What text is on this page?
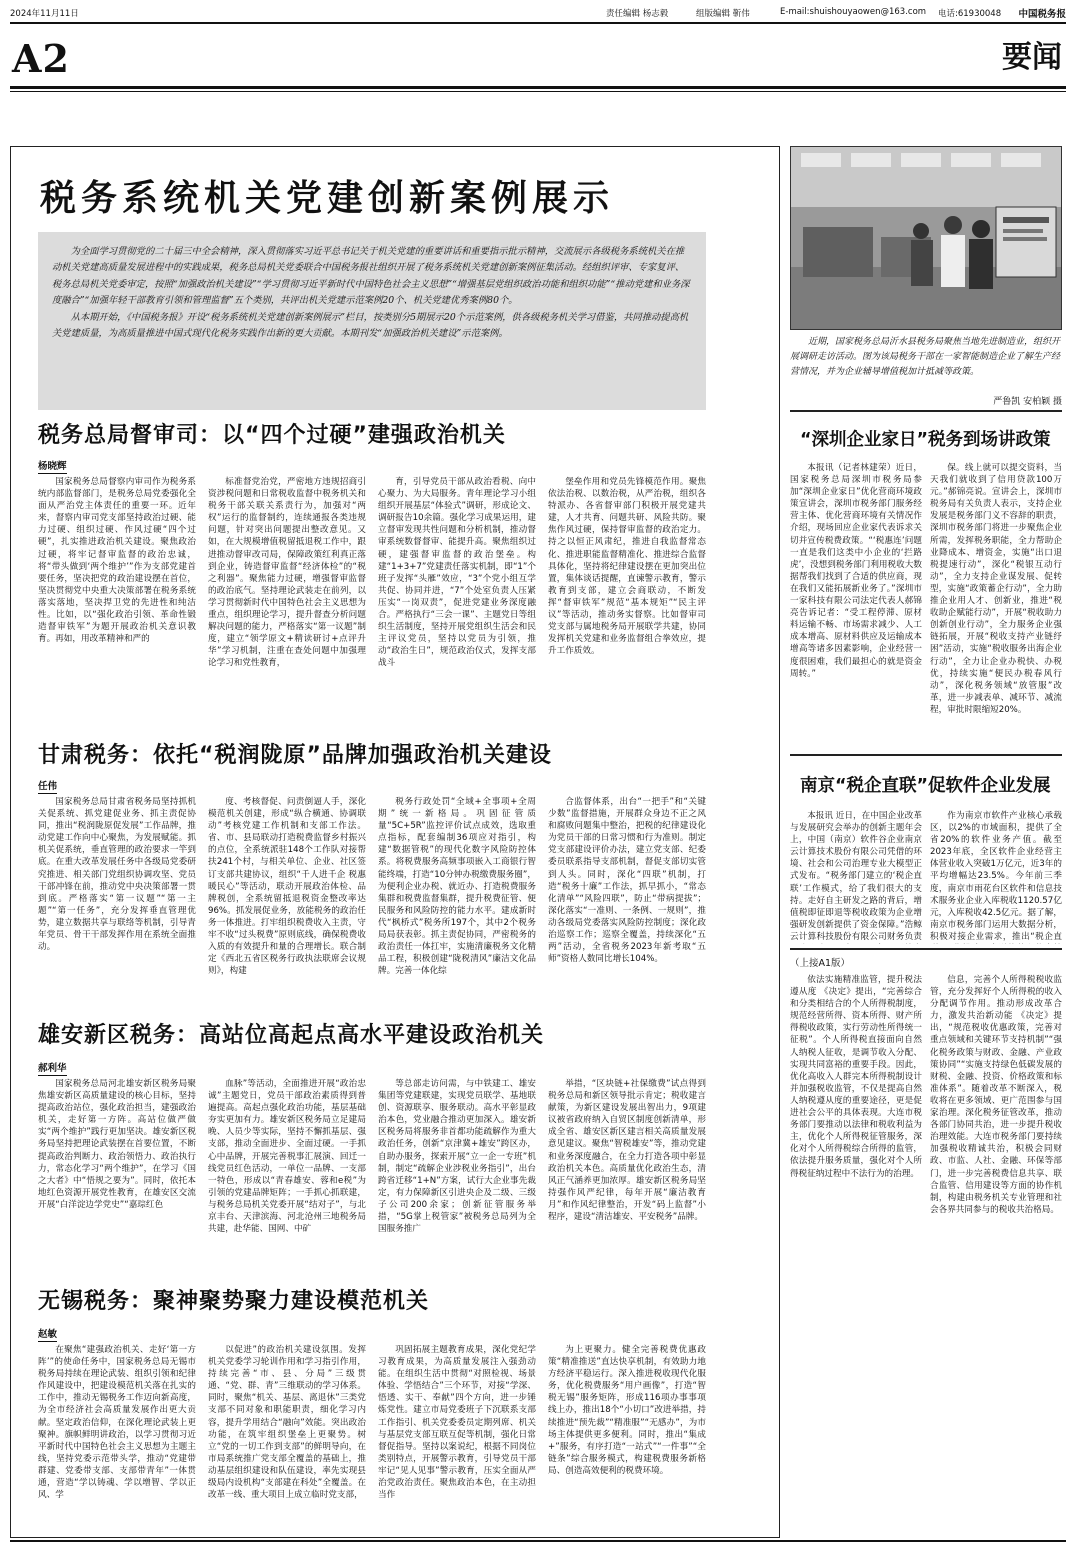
2024年11月11日	责任编辑 杨志毅	组版编辑 靳伟	E-mail:shuishouyaowen@163.com 电话:61930048 中国税务报
A2	要闻
税务系统机关党建创新案例展示

为全面学习贯彻党的二十届三中全会精神，深入贯彻落实习近平总书记关于机关党建的重要讲话和重要指示批示精神，交流展示各级税务系统机关在推动机关党建高质量发展进程中的实践成果，税务总局机关党委联合中国税务报社组织开展了税务系统机关党建创新案例征集活动。经组织评审、专家复评、税务总局机关党委审定，按照“加强政治机关建设”“学习贯彻习近平新时代中国特色社会主义思想”“增强基层党组织政治功能和组织功能”“推动党建和业务深度融合”“加强年轻干部教育引领和管理监督”五个类别，共评出机关党建示范案例20个、机关党建优秀案例80个。

从本期开始，《中国税务报》开设“税务系统机关党建创新案例展示”栏目，按类别分5期展示20个示范案例，供各级税务机关学习借鉴，共同推动提高机关党建质量，为高质量推进中国式现代化税务实践作出新的更大贡献。本期刊发“加强政治机关建设”示范案例。

税务总局督审司：以“四个过硬”建强政治机关
杨晓辉

国家税务总局督察内审司作为税务系统内部监督部门，是税务总局党委强化全面从严治党主体责任的重要一环。近年来，督察内审司党支部坚持政治过硬、能力过硬、组织过硬、作风过硬“四个过硬”，扎实推进政治机关建设。聚焦政治过硬，将牢记督审监督的政治忠诚，将“带头做到‘两个维护’”作为支部党建首要任务，坚决把党的政治建设摆在首位，坚决贯彻党中央重大决策部署在税务系统落实落地，坚决捍卫党的先进性和纯洁性。比如，以“强化政治引领、革命性锻造督审铁军”为题开展政治机关意识教育。再如，用改革精神和严的

标准督党治党，严密地方违规招商引资涉税问题和日常税收监督中税务机关和税务干部关联关系责行为，加强对“两权”运行的监督制约，连续通报各类违规问题，针对突出问题提出整改意见。又如，在大规模增值税留抵退税工作中，跟进推动督审改司局，保障政策红利真正落到企业，铸造督审监督“经济体检”的“税之利器”。聚焦能力过硬，增强督审监督的政治底气。坚持理论武装走在前列，以学习贯彻新时代中国特色社会主义思想为重点，组织理论学习，提升督查分析问题解决问题的能力，严格落实“第一议题”制度，建立“领学原文+精读研讨+点评升华”学习机制，注重在查处问题中加强理论学习和党性教育，

育，引导党员干部从政治看税、向中心聚力、为大局服务。青年理论学习小组组织开展基层“体验式”调研，形成论文、调研报告10余篇。强化学习成果运用，建立督审发现共性问题和分析机制，推动督审系统数督督审、能提升高。聚焦组织过硬，建强督审监督的政治堡垒。构建“1+3+7”党建责任落实机制，即“1”个班子发挥“头雁”效应，“3”个党小组互学共促、协同并进，“7”个处室负责人压紧压实“一岗双责”，促进党建业务深度融合。严格执行“三会一课”、主题党日等组织生活制度，坚持开展党组织生活会和民主评议党员，坚持以党员为引领，推动“政治生日”，规范政治仪式，发挥支部战斗

堡垒作用和党员先锋模范作用。聚焦依法治税、以数治税，从严治税，组织各特派办、各省督审部门积极开展党建共建，人才共育、问题共研、风险共防。聚焦作风过硬，保持督审监督的政治定力。持之以恒正风肃纪，推进自我监督常态化、推进职能监督精准化、推进综合监督具体化，坚持将纪律建设摆在更加突出位置，集体谈话提醒，直谏警示教育，警示教育到支部，建立会商联动，不断发挥“督审铁军”规范“基本规矩”“民主评议”等活动，推动务实督察。比如督审司党支部与属地税务局开展联学共建，协同发挥机关党建和业务监督组合拳效应，提升工作质效。

甘肃税务：依托“税润陇原”品牌加强政治机关建设
任伟

国家税务总局甘肃省税务局坚持抓机关促系统、抓党建促业务、抓主责促协同，推出“税润陇原促发展”工作品牌，推动党建工作向中心聚焦，为发展赋能。抓机关促系统，垂直管理的政治要求一竿到底。在重大改革发展任务中各级局党委研究推进、相关部门党组织协调攻坚、党员干部冲锋在前，推动党中央决策部署一贯到底。严格落实“第一议题”“第一主题”“第一任务”，充分发挥垂直管理优势，建立数据共享与联络等机制，引导青年党员、骨干干部发挥作用在系统全面推动。

度、考核督促、问责倒逼人手，深化模范机关创建，形成“纵合横通、协调联动”考核党建工作机制和支部工作法。省、市、县局联动打造税费监督乡村振兴的点位，全系统派驻148个工作队对接帮扶241个村，与相关单位、企业、社区签订支部共建协议，组织“千人进千企 税惠暖民心”等活动，联动开展政治体检、品牌税创，全系统留抵退税资金整改率达96%。抓发展促业务，放能税务的政治任务一体推进。打牢组织税费收入主责，守牢不收“过头税费”原则底线，确保税费收入质的有效提升和量的合理增长。联合制定《西北五省区税务行政执法联席会议规则》，构建

税务行政处罚“全域+全事项+全周期”统一新格局。巩固征管质量“5C+5R”监控评价试点成效，选取重点指标，配套编制36项应对指引，构建“数据管税”的现代化数字风险防控体系。将税费服务高频事项嵌入工商银行智能终端，打造“10分钟办税缴费服务圈”，为便利企业办税、就近办、打造税费服务集群和税费监督集群，提升税费征管、便民服务和风险防控的能力水平。建成新时代“枫桥式”税务所197个，其中2个税务局局获表彰。抓主责促协同，严密税务的政治责任一体扛牢，实施清廉税务文化精品工程，积极创建“陇税清风”廉洁文化品牌。完善一体化综

合监督体系，出台“一把手”和“关键少数”监督措施，开展群众身边不正之风和腐败问题集中整治，把税的纪律建设化为党员干部的日常习惯和行为准则。制定党支部建设评价办法，建立党支部、纪委委员联系指导支部机制，督促支部切实管到人头。同时，深化“四联”机制，打造“税务十廉”工作法，抓早抓小，“常态化清单”“风险四联”，防止“带病提拔”；深化落实“一准则、一条例、一规则”，推动各级局党委落实风险防控制度；深化政治巡察工作；巡察全覆盖，持续深化“五两”活动，全省税务2023年新考取“五师”资格人数同比增长104%。

雄安新区税务：高站位高起点高水平建设政治机关
郝利华

国家税务总局河北雄安新区税务局聚焦雄安新区高质量建设的核心目标，坚持提高政治站位，强化政治担当，建强政治机关，走好第一方阵。高站位做严做实“两个维护”践行更加坚决。雄安新区税务局坚持把理论武装摆在首要位置，不断提高政治判断力、政治领悟力、政治执行力，常态化学习“两个维护”，在学习《国之大者》中“悟规之要为”。同时，依托本地红色资源开展党性教育，在雄安区交流开展“白洋淀边学党史”“嘉琮红色

血脉”等活动，全面推进开展“政治忠诚”主题党日，党员干部政治素质得到普遍提高。高起点强化政治功能，基层基础夯实更加有力。雄安新区税务局立足建局晚、人员少等实际，坚持不懈抓基层、强支部，推动全面进步、全面过硬。一手抓心中品牌，开展完善税事汇展演、回迁一线党员红色活动，一单位一品牌、一支部一特色，形成以“青春雄安、蓉和e税”为引领的党建品牌矩阵；一手抓心抓联建，与税务总局机关党委开展“结对子”，与北京丰台、天津滨海、河北沧州三地税务局共建，赴华能、国网、中矿

等总部走访问需，与中铁建工、雄安集团等党建联建，实现党员联学、基地联创、资源联享、服务联动。高水平彰显政治本色，党业融合推动更加深入。雄安新区税务局将服务非首都功能疏解作为重大政治任务，创新“京津冀+雄安”跨区办，自助办服务，探索开展“立一企一专班”机制，制定“疏解企业涉税业务指引”，出台跨省迁移“1+N”方案，试行大企业事先裁定，有力保障新区引进央企及二级、三级子公司200余家；创新征管服务举措，“5G掌上税管家”被税务总局列为全国服务推广

举措，“区块链+社保缴费”试点得到税务总局和新区领导批示肯定；税收建言献策，为新区建设发展出智出力，9项建议被省政府纳入自贸区制度创新清单，形成全省、雄安区新区建言相关高质量发展意见建议。聚焦“智税雄安”等，推动党建和业务深度融合，在全力打造各项中彰显政治机关本色。高质量优化政治生态，清风正气涵养更加浓厚。雄安新区税务局坚持强作风严纪律，每年开展“廉洁教育月”和作风纪律整治，开发“码上监督”小程序，建设“清洁雄安、平安税务”品牌。

无锡税务：聚神聚势聚力建设模范机关
赵敏

在聚焦“建强政治机关、走好‘第一方阵’”的使命任务中，国家税务总局无锡市税务局持续在理论武装、组织引领和纪律作风建设中，把建设模范机关落在扎实的工作中，推动无锡税务工作迈向新高度，为全市经济社会高质量发展作出更大贡献。坚定政治信仰，在深化理论武装上更聚神。旗帜鲜明讲政治，以学习贯彻习近平新时代中国特色社会主义思想为主题主线，坚持党委示范带头学，推动“党建带群建、党委带支部、支部带青年”一体贯通，营造“学以铸魂、学以增智、学以正风、学

以促进”的政治机关建设氛围。发挥机关党委学习轮训作用和学习指引作用，持续完善“市、县、分局”三级贯通、“党、群、青”三维联动的学习体系。同时，聚焦“机关、基层、离退休”三类党支部不同对象和职能职责，细化学习内容，提升学用结合“融向”效能。突出政治功能，在筑牢组织堡垒上更聚势。树立“党的一切工作到支部”的鲜明导向，在市局系统推广党支部全覆盖的基础上，推动基层组织建设和队伍建设，率先实现县级局内设机构“支部建在科处”全覆盖。在改革一线、重大项目上成立临时党支部，

巩固拓展主题教育成果，深化党纪学习教育成果，为高质量发展注入强劲动能。在组织生活中贯彻“对照检视、场景体验、学悟结合”三个环节，对接“学深、悟透、实干、奉献”四个方向，进一步锤炼党性。建立市局党委班子下沉联系支部工作指引、机关党委委员定期列席、机关与基层党支部互联互促等机制，强化日常督促指导。坚持以案说纪，根据不同岗位类别特点，开展警示教育，引导党员干部牢记“见人见事”警示教育，压实全面从严治党政治责任。聚焦政治本色，在主动担当作

为上更聚力。健全完善税费优惠政策“精准推送”直达快享机制，有效助力地方经济平稳运行。深入推进税收现代化服务，优化税费服务“用户画像”，打造“智税无锡”服务矩阵，形成116项办事事项线上办，推出18个“小切口”改进举措，持续推进“预先裁”“精准服”“无感办”，为市场主体提供更多便利。同时，推出“集成+”服务，有序打造“一站式”“一件事”“全链条”综合服务模式，构建税费服务新格局、创造高效便利的税费环境。

近期，国家税务总局沂水县税务局聚焦当地先进制造业，组织开展调研走访活动。图为该局税务干部在一家智能制造企业了解生产经营情况，并为企业辅导增值税加计抵减等政策。
严鲁凯 安柏颖 摄
“深圳企业家日”税务到场讲政策

本报讯（记者林建荣）近日，国家税务总局深圳市税务局参加“深圳企业家日”优化营商环境政策宣讲会，深圳市税务部门服务经营主体、优化营商环境有关情况作介绍，现场回应企业家代表诉求关切并宣传税费政策。“‘税惠连’问题一直是我们这类中小企业的‘拦路虎’，没想到税务部门利用税收大数据帮我们找到了合适的供应商，现在我们又能拓展新业务了。”深圳市一家科技有限公司法定代表人郝锦亮告诉记者：“受工程停滞、原材料运输不畅、市场需求减少、人工成本增高、原材料供应及运输成本增高等诸多因素影响，企业经营一度很困难，我们最担心的就是资金周转。”

保。线上就可以提交资料，当天我们就收到了信用贷款100万元。”郝锦亮说。宣讲会上，深圳市税务局有关负责人表示，支持企业发展是税务部门义不容辞的职责，深圳市税务部门将进一步聚焦企业所需，发挥税务职能，全力帮助企业降成本、增资金，实施“出口退税提速行动”，深化“税银互动行动”，全力支持企业谋发展、促转型，实施“政策蓄企行动”，全力助推企业用人才、创新业，推进“税收助企赋能行动”，开展“税收助力创新创业行动”，全力服务企业强链拓展，开展“税收支持产业链纾困”活动，实施“税收服务出海企业行动”，全力让企业办税快、办税优，持续实施“便民办税春风行动”，深化税务领域“放管服”改革，进一步减表单、减环节、减流程，审批时限缩短20%。

南京“税企直联”促软件企业发展

本报讯 近日，在中国企业改革与发展研究会举办的创新主题年会上，中国（南京）软件谷企业南京云计算技术股份有限公司凭借的环境、社会和公司治理专业大模型正式发布。“税务部门建立的‘税企直联’工作模式，给了我们很大的支持。走好自主研发之路的背后，增值税即征即退等税收政策为企业增强研发创新提供了资金保障。”浩鲸云计算科技股份有限公司财务负责

作为南京市软件产业核心承载区，以2%的市域面积，提供了全省20%的软件业务产值。截至2023年底，全区软件企业经营主体营业收入突破1万亿元，近3年的平均增幅达23.5%。今年前三季度，南京市雨花台区软件和信息技术服务业企业入库税收1120.57亿元，入库税收42.5亿元。据了解，南京市税务部门运用大数据分析，积极对接企业需求，推出“税企直

（上接A1版）

依法实施精准监管，提升税法遵从度 《决定》提出，“完善综合和分类相结合的个人所得税制度，规范经营所得、资本所得、财产所得税收政策，实行劳动性所得统一征税”。个人所得税直接面向自然人纳税人征收，是调节收入分配、实现共同富裕的重要手段。因此，优化高收入人群完本所得税制设计并加强税收监管，不仅是提高自然人纳税遵从度的重要途径，更是促进社会公平的具体表现。大连市税务部门要推动以法律和税收利益为主，优化个人所得税征管服务，深化对个人所得税综合所得的监管，依法提升服务质量，强化对个人所得税征纳过程中不法行为的治理。

信息，完善个人所得税税收监管，充分发挥好个人所得税的收入分配调节作用。推动形成改革合力，激发共治新动能 《决定》提出，“规范税收优惠政策，完善对重点领域和关键环节支持机制”“强化税务政策与财政、金融、产业政策协同”“实施支持绿色低碳发展的财税、金融、投资、价格政策和标准体系”。随着改革不断深入，税收将在更多领域、更广范围参与国家治理。深化税务征管改革，推动各部门协同共治，进一步提升税收治理效能。大连市税务部门要持续加强税收精诚共治，积极会同财政、市监、人社、金融、环保等部门，进一步完善税费信息共享、联合监管、信用建设等方面的协作机制，构建由税务机关专业管理和社会各界共同参与的税收共治格局。
